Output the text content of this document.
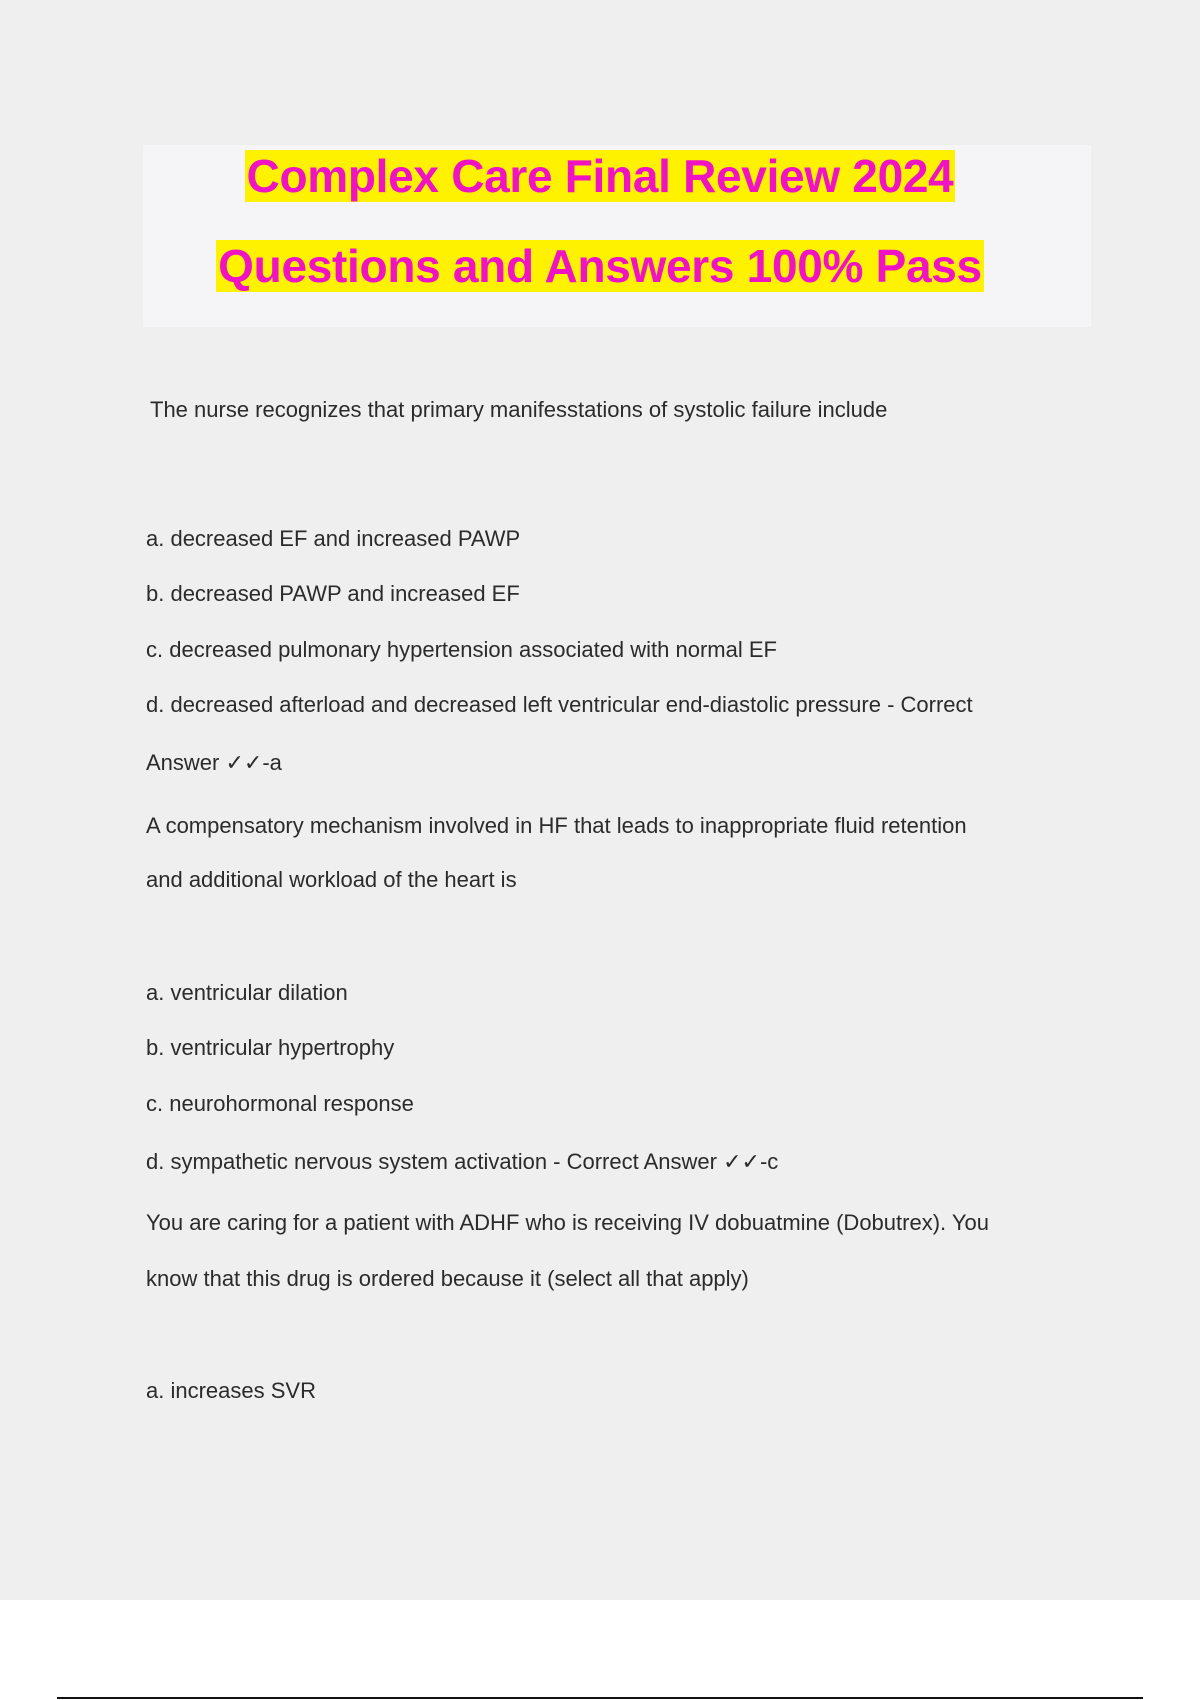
Complex Care Final Review 2024
Questions and Answers 100% Pass
The nurse recognizes that primary manifesstations of systolic failure include
a. decreased EF and increased PAWP
b. decreased PAWP and increased EF
c. decreased pulmonary hypertension associated with normal EF
d. decreased afterload and decreased left ventricular end-diastolic pressure - Correct
Answer ✓✓-a
A compensatory mechanism involved in HF that leads to inappropriate fluid retention
and additional workload of the heart is
a. ventricular dilation
b. ventricular hypertrophy
c. neurohormonal response
d. sympathetic nervous system activation - Correct Answer ✓✓-c
You are caring for a patient with ADHF who is receiving IV dobuatmine (Dobutrex). You
know that this drug is ordered because it (select all that apply)
a. increases SVR
